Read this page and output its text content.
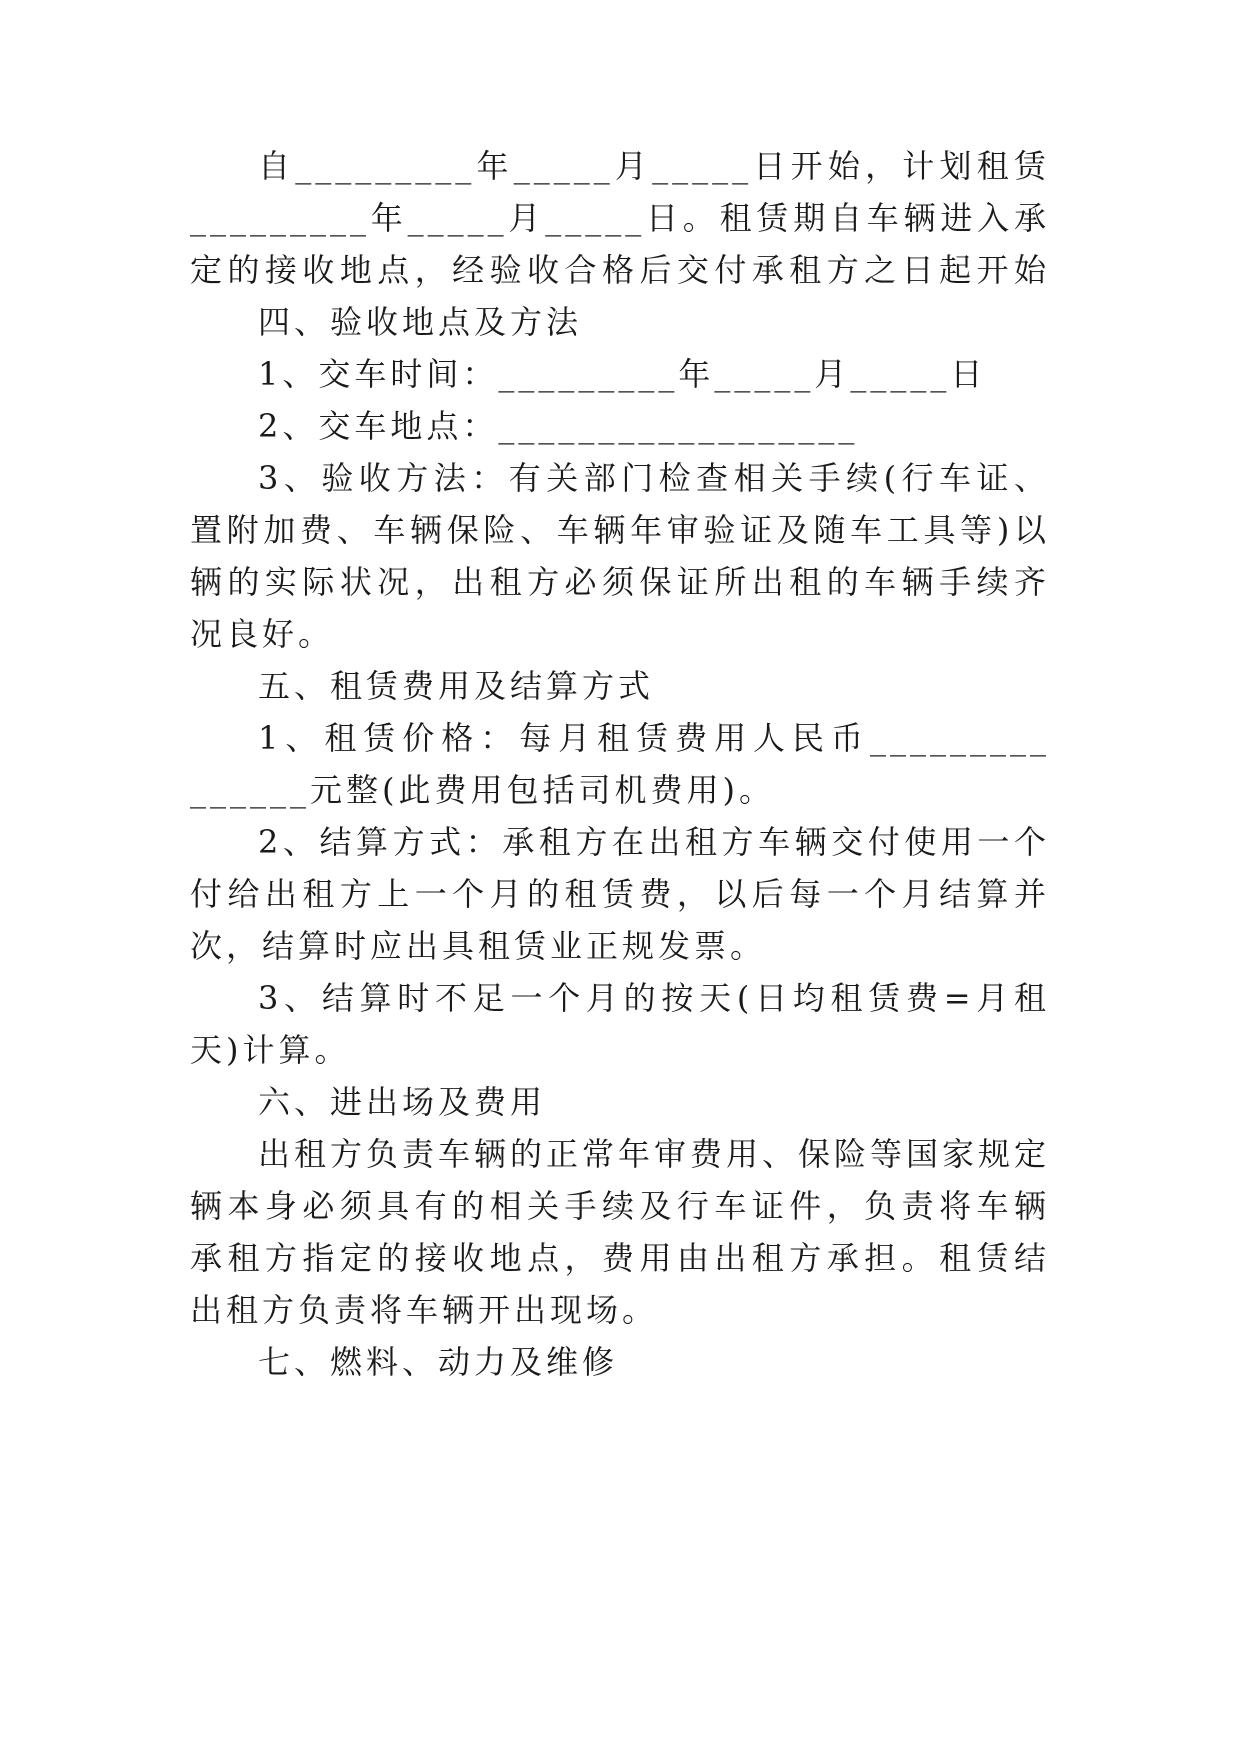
自_________年_____月_____日开始，计划租赁
_________年_____月_____日。租赁期自车辆进入承
定的接收地点，经验收合格后交付承租方之日起开始
四、验收地点及方法
1、交车时间：_________年_____月_____日
2、交车地点：__________________
3、验收方法：有关部门检查相关手续(行车证、
置附加费、车辆保险、车辆年审验证及随车工具等)以
辆的实际状况，出租方必须保证所出租的车辆手续齐
况良好。
五、租赁费用及结算方式
1、租赁价格：每月租赁费用人民币_________
______元整(此费用包括司机费用)。
2、结算方式：承租方在出租方车辆交付使用一个
付给出租方上一个月的租赁费，以后每一个月结算并
次，结算时应出具租赁业正规发票。
3、结算时不足一个月的按天(日均租赁费=月租
天)计算。
六、进出场及费用
出租方负责车辆的正常年审费用、保险等国家规定
辆本身必须具有的相关手续及行车证件，负责将车辆
承租方指定的接收地点，费用由出租方承担。租赁结
出租方负责将车辆开出现场。
七、燃料、动力及维修
